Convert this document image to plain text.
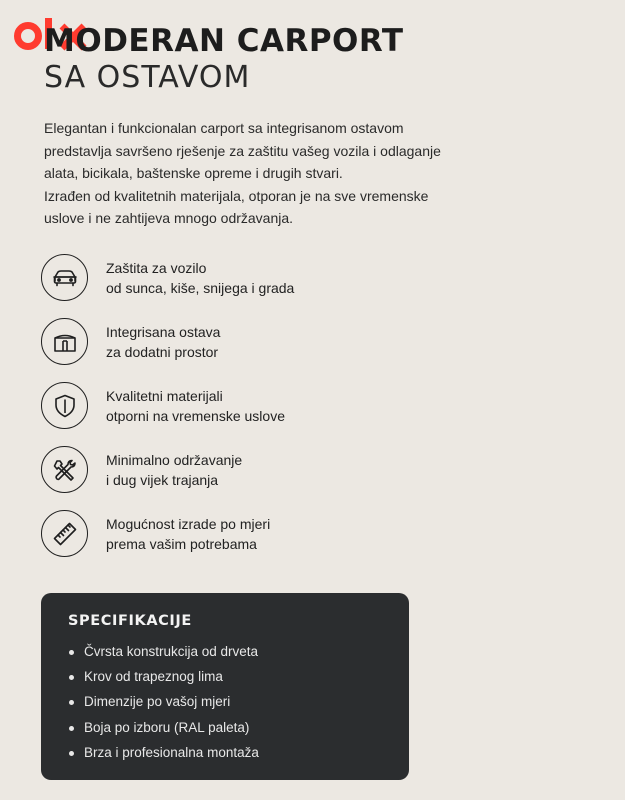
MODERAN CARPORT
SA OSTAVOM

Elegantan i funkcionalan carport sa integrisanom ostavom predstavlja savršeno rješenje za zaštitu vašeg vozila i odlaganje alata, bicikala, baštenske opreme i drugih stvari.

Izrađen od kvalitetnih materijala, otporan je na sve vremenske uslove i ne zahtijeva mnogo održavanja.

Zaštita za vozilo
od sunca, kiše, snijega i grada
Integrisana ostava
za dodatni prostor
Kvalitetni materijali
otporni na vremenske uslove
Minimalno održavanje
i dug vijek trajanja
Mogućnost izrade po mjeri
prema vašim potrebama
SPECIFIKACIJE
Čvrsta konstrukcija od drveta
Krov od trapeznog lima
Dimenzije po vašoj mjeri
Boja po izboru (RAL paleta)
Brza i profesionalna montaža
